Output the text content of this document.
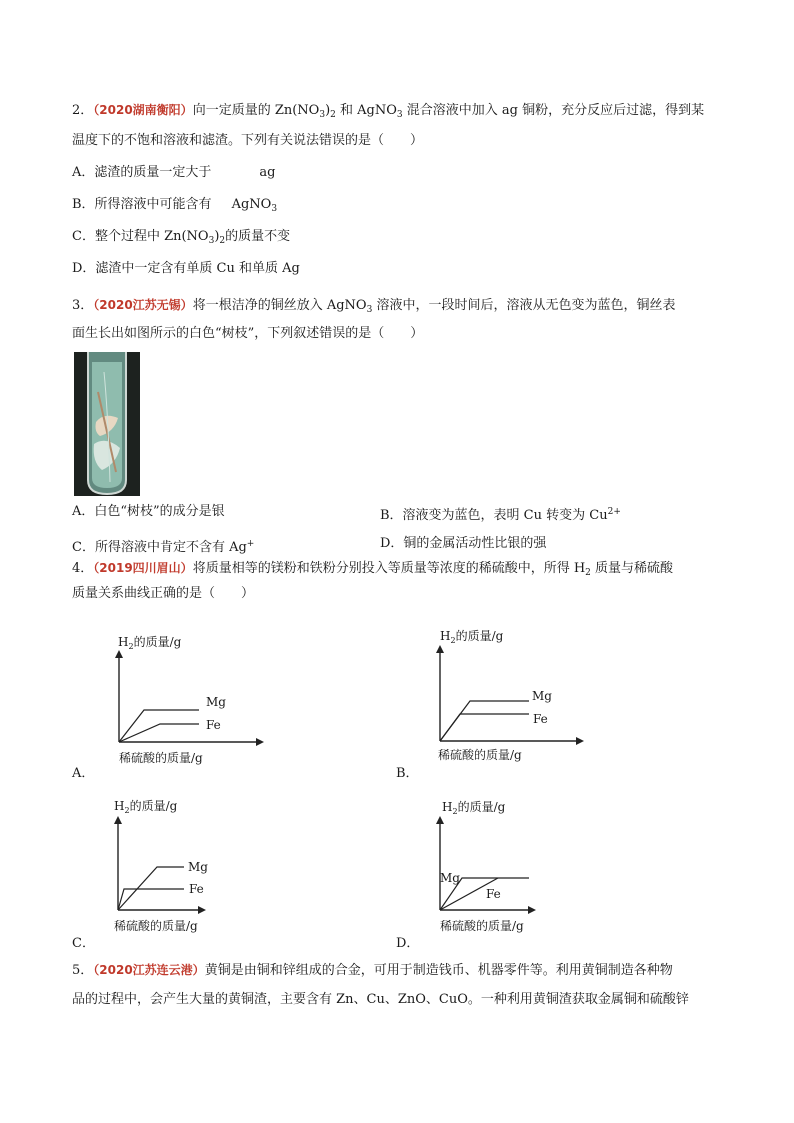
2．（2020湖南衡阳）向一定质量的 $Zn(NO_3)_2$ 和 AgNO$_3$ 混合溶液中加入 ag 铜粉，充分反应后过滤，得到某
温度下的不饱和溶液和滤渣。下列有关说法错误的是（　　）
A．滤渣的质量一定大于	ag
B．所得溶液中可能含有 AgNO$_3$
C．整个过程中 $Zn(NO_3)_2$的质量不变
D．滤渣中一定含有单质 Cu 和单质 Ag
3．（2020江苏无锡）将一根洁净的铜丝放入 AgNO$_3$ 溶液中，一段时间后，溶液从无色变为蓝色，铜丝表
面生长出如图所示的白色“树枝”，下列叙述错误的是（　　）
A．白色“树枝”的成分是银	B．溶液变为蓝色，表明 Cu 转变为 $Cu^{2+}$
C．所得溶液中肯定不含有 Ag+	D．铜的金属活动性比银的强
4．（2019四川眉山）将质量相等的镁粉和铁粉分别投入等质量等浓度的稀硫酸中，所得 $H_2$ 质量与稀硫酸
质量关系曲线正确的是（　　）
$H_2$的质量/g
Mg
Fe
稀硫酸的质量/g
A．
$H_2$的质量/g
Mg
Fe
稀硫酸的质量/g
B．
$H_2$的质量/g
Mg
Fe
稀硫酸的质量/g
C．
$H_2$的质量/g
Mg
Fe
稀硫酸的质量/g
D．
5．（2020江苏连云港）黄铜是由铜和锌组成的合金，可用于制造钱币、机器零件等。利用黄铜制造各种物
品的过程中，会产生大量的黄铜渣，主要含有 Zn、Cu、ZnO、CuO。一种利用黄铜渣获取金属铜和硫酸锌
